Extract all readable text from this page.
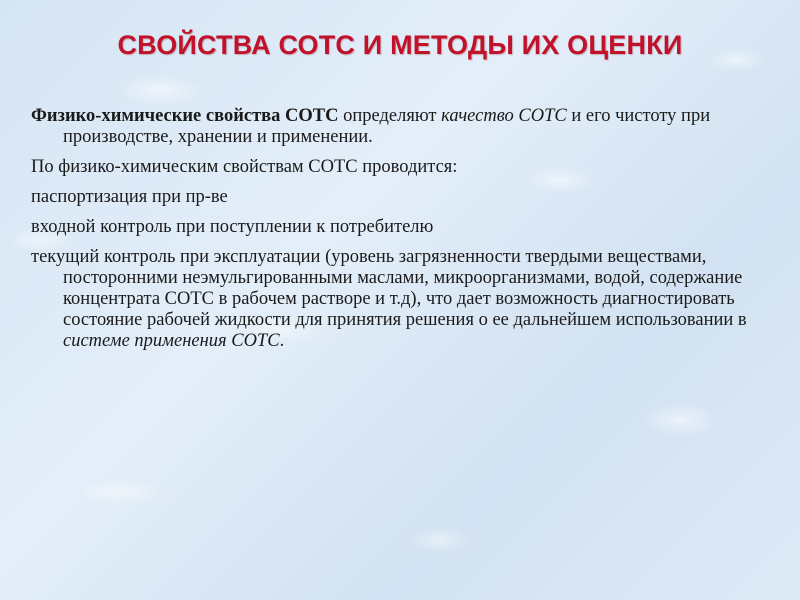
СВОЙСТВА СОТС И МЕТОДЫ ИХ ОЦЕНКИ

Физико-химические свойства СОТС определяют качество СОТС и его чистоту при производстве, хранении и применении.

По физико-химическим свойствам СОТС проводится:

паспортизация при пр-ве

входной контроль при поступлении к потребителю

текущий контроль при эксплуатации (уровень загрязненности твердыми веществами, посторонними неэмульгированными маслами, микроорганизмами, водой, содержание концентрата СОТС в рабочем растворе и т.д), что дает возможность диагностировать состояние рабочей жидкости для принятия решения о ее дальнейшем использовании в системе применения СОТС.
